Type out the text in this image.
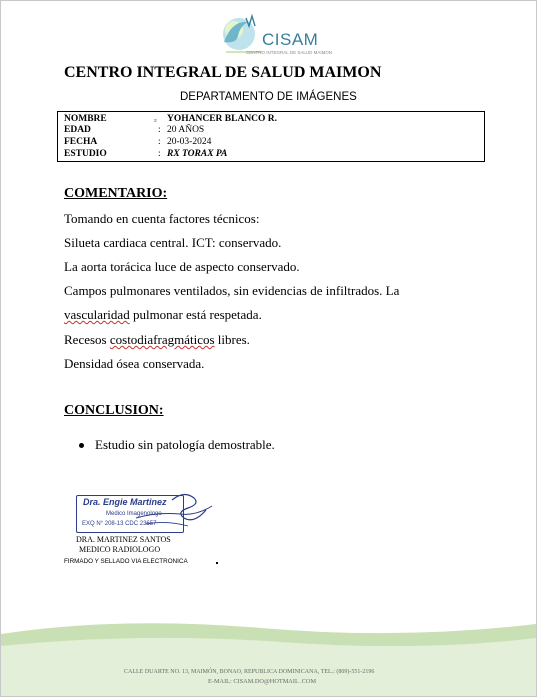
CISAM
CENTRO INTEGRAL DE SALUD MAIMON
CENTRO INTEGRAL DE SALUD MAIMON
DEPARTAMENTO DE IMÁGENES
NOMBRE	ɞ YOHANCER BLANCO R.
EDAD	: 20 AÑOS
FECHA	: 20-03-2024
ESTUDIO	: RX TORAX PA
COMENTARIO:
Tomando en cuenta factores técnicos:
Silueta cardiaca central. ICT: conservado.
La aorta torácica luce de aspecto conservado.
Campos pulmonares ventilados, sin evidencias de infiltrados. La
vascularidad pulmonar está respetada.
Recesos costodiafragmáticos libres.
Densidad ósea conservada.
CONCLUSION:
Estudio sin patología demostrable.
Dra. Engie Martinez
Medico Imagenologo
EXQ N° 208-13 CDC 23657
DRA. MARTINEZ SANTOS
MEDICO RADIOLOGO
FIRMADO Y SELLADO VIA ELECTRONICA
CALLE DUARTE NO. 13, MAIMÓN, BONAO, REPUBLICA DOMINICANA, TEL.: (809)-551-2196
E-MAIL: CISAM.DO@HOTMAIL .COM
